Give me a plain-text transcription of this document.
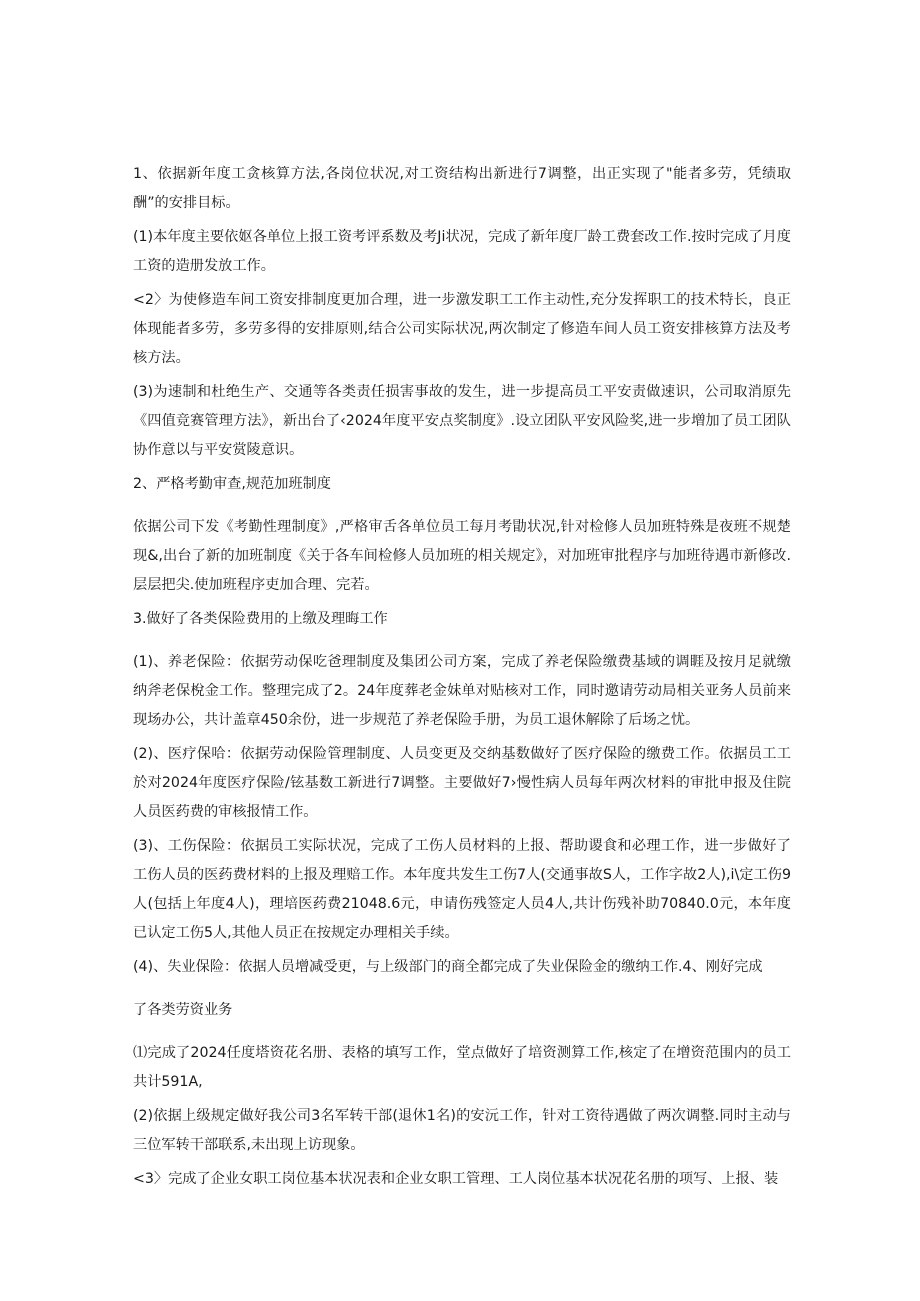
1、依据新年度工贪核算方法,各岗位状况,对工资结构出新进行7调整，出正实现了"能者多劳，凭绩取酬”的安排目标。

(1)本年度主要依妪各单位上报工资考评系数及考Ji状况，完成了新年度厂龄工费套改工作.按时完成了月度工资的造册发放工作。

<2〉为使修造车间工资安排制度更加合理，进一步激发职工工作主动性,充分发挥职工的技术特长，良正体现能者多劳，多劳多得的安排原则,结合公司实际状况,两次制定了修造车间人员工资安排核算方法及考核方法。

(3)为速制和杜绝生产、交通等各类责任损害事故的发生，进一步提高员工平安责做速识，公司取消原先《四值竞赛管理方法》，新出台了‹2024年度平安点奖制度》.设立团队平安风险奖,进一步増加了员工团队协作意以与平安赏陵意识。

2、严格考勤审查,规范加班制度

依据公司下发《考勤性理制度》,严格审舌各单位员工每月考勖状况,针对检修人员加班特殊是夜班不规楚现&,出台了新的加班制度《关于各车间检修人员加班的相关规定》，对加班审批程序与加班待遇市新修改.层层把尖.使加班程序吏加合理、完若。

3.做好了各类保险费用的上缴及理晦工作

(1)、养老保险：依据劳动保吃爸理制度及集团公司方案，完成了养老保险缴费基域的调睚及按月足就缴纳斧老保梲金工作。整理完成了2。24年度葬老金妹单对贴核对工作，同时邀请劳动局相关亚务人员前来现场办公，共计盖章450余份，进一步规范了养老保险手册，为员工退休解除了后场之忧。

(2)、医疗保哈：依据劳动保险管理制度、人员变更及交纳基数做好了医疗保险的缴费工作。依据员工工於对2024年度医疗保险/铉基数工新进行7调整。主要做好7›慢性病人员每年两次材料的审批申报及住院人员医药费的审核报情工作。

(3)、工伤保险：依据员工实际状况，完成了工伤人员材料的上报、帮助谡食和必理工作，进一步做好了工伤人员的医药费材料的上报及理赔工作。本年度共发生工伤7人(交通事故S人，工作字故2人),i\定工伤9人(包括上年度4人)，理培医药费21048.6元，申请伤残签定人员4人,共计伤残补助70840.0元，本年度已认定工伤5人,其他人员正在按规定办理相关手续。

(4)、失业保险：依据人员增减受更，与上级部门的商全都完成了失业保险金的缴纳工作.4、刚好完成

了各类劳资业务

⑴完成了2024任度塔资花名册、表格的填写工作，堂点做好了培资测算工作,核定了在增资范围内的员工共计591A,

(2)依据上级规定做好我公司3名军转干部(退休1名)的安沅工作，针对工资待遇做了两次调整.同时主动与三位军转干部联系,未出现上访现象。

<3〉完成了企业女职工岗位基本状况表和企业女职工管理、工人岗位基本状况花名册的项写、上报、装
